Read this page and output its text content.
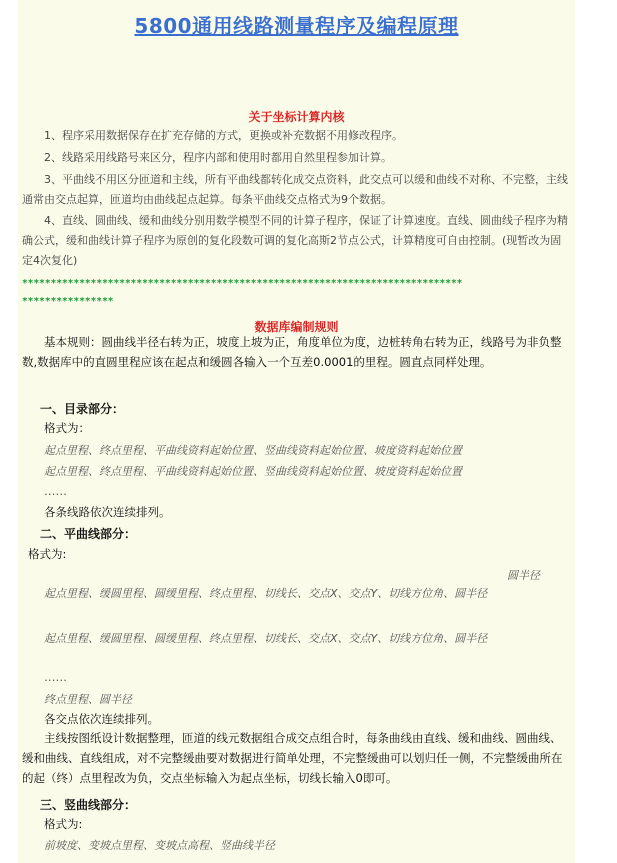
5800通用线路测量程序及编程原理
关于坐标计算内核
1、程序采用数据保存在扩充存储的方式，更换或补充数据不用修改程序。
2、线路采用线路号来区分，程序内部和使用时都用自然里程参加计算。
3、平曲线不用区分匝道和主线，所有平曲线都转化成交点资料，此交点可以缓和曲线不对称、不完整，主线通常由交点起算，匝道均由曲线起点起算。每条平曲线交点格式为9个数据。
4、直线、圆曲线、缓和曲线分别用数学模型不同的计算子程序，保证了计算速度。直线、圆曲线子程序为精确公式，缓和曲线计算子程序为原创的复化段数可调的复化高斯2节点公式，计算精度可自由控制。(现暂改为固定4次复化)
*****************************************************************************
****************
数据库编制规则
基本规则：圆曲线半径右转为正，坡度上坡为正，角度单位为度，边桩转角右转为正，线路号为非负整数,数据库中的直圆里程应该在起点和缓圆各输入一个互差0.0001的里程。圆直点同样处理。
一、目录部分：
格式为：
起点里程、终点里程、平曲线资料起始位置、竖曲线资料起始位置、坡度资料起始位置
起点里程、终点里程、平曲线资料起始位置、竖曲线资料起始位置、坡度资料起始位置
……
各条线路依次连续排列。
二、平曲线部分：
格式为:
圆半径
起点里程、缓圆里程、圆缓里程、终点里程、切线长、交点X、交点Y、切线方位角、圆半径
起点里程、缓圆里程、圆缓里程、终点里程、切线长、交点X、交点Y、切线方位角、圆半径
……
终点里程、圆半径
各交点依次连续排列。
主线按图纸设计数据整理，匝道的线元数据组合成交点组合时，每条曲线由直线、缓和曲线、圆曲线、缓和曲线、直线组成，对不完整缓曲要对数据进行简单处理，不完整缓曲可以划归任一侧，不完整缓曲所在的起（终）点里程改为负，交点坐标输入为起点坐标，切线长输入0即可。
三、竖曲线部分：
格式为:
前坡度、变坡点里程、变坡点高程、竖曲线半径
